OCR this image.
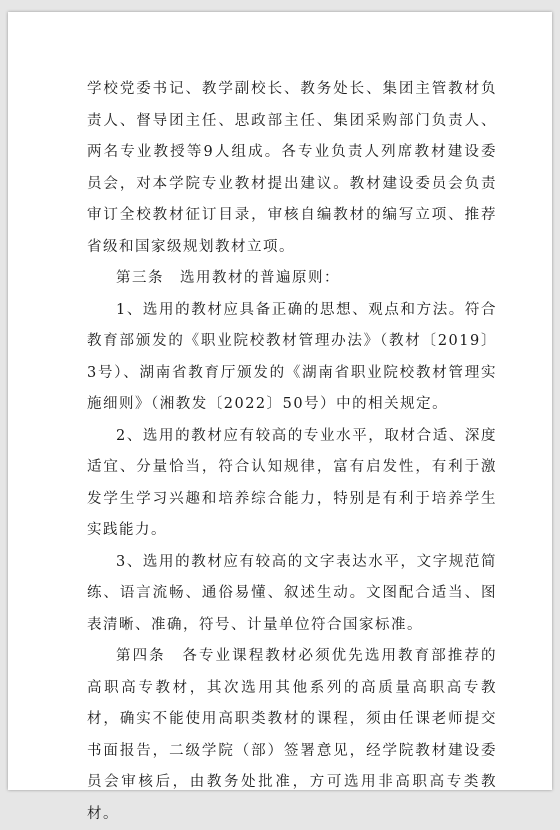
学校党委书记、教学副校长、教务处长、集团主管教材负责人、督导团主任、思政部主任、集团采购部门负责人、两名专业教授等9人组成。各专业负责人列席教材建设委员会，对本学院专业教材提出建议。教材建设委员会负责审订全校教材征订目录，审核自编教材的编写立项、推荐省级和国家级规划教材立项。

第三条　选用教材的普遍原则：

1、选用的教材应具备正确的思想、观点和方法。符合教育部颁发的《职业院校教材管理办法》（教材〔2019〕3号）、湖南省教育厅颁发的《湖南省职业院校教材管理实施细则》（湘教发〔2022〕50号）中的相关规定。

2、选用的教材应有较高的专业水平，取材合适、深度适宜、分量恰当，符合认知规律，富有启发性，有利于激发学生学习兴趣和培养综合能力，特别是有利于培养学生实践能力。

3、选用的教材应有较高的文字表达水平，文字规范简练、语言流畅、通俗易懂、叙述生动。文图配合适当、图表清晰、准确，符号、计量单位符合国家标准。

第四条　各专业课程教材必须优先选用教育部推荐的高职高专教材，其次选用其他系列的高质量高职高专教材，确实不能使用高职类教材的课程，须由任课老师提交书面报告，二级学院（部）签署意见，经学院教材建设委员会审核后，由教务处批准，方可选用非高职高专类教材。
